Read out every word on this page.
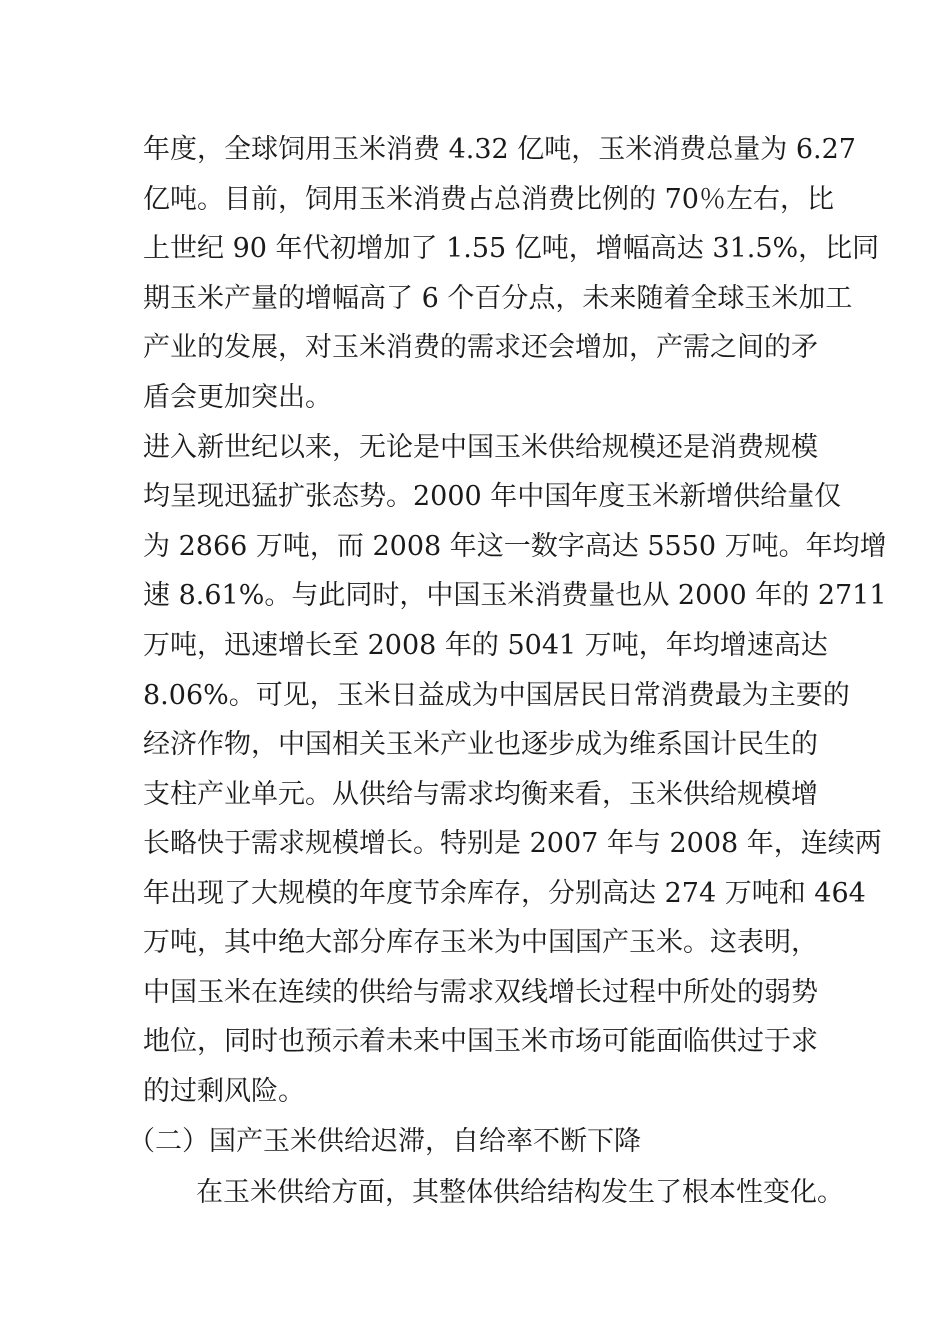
年度，全球饲用玉米消费 4.32 亿吨，玉米消费总量为 6.27
亿吨。目前，饲用玉米消费占总消费比例的 70％左右，比
上世纪 90 年代初增加了 1.55 亿吨，增幅高达 31.5%，比同
期玉米产量的增幅高了 6 个百分点，未来随着全球玉米加工
产业的发展，对玉米消费的需求还会增加，产需之间的矛
盾会更加突出。
进入新世纪以来，无论是中国玉米供给规模还是消费规模
均呈现迅猛扩张态势。2000 年中国年度玉米新增供给量仅
为 2866 万吨，而 2008 年这一数字高达 5550 万吨。年均增
速 8.61%。与此同时，中国玉米消费量也从 2000 年的 2711
万吨，迅速增长至 2008 年的 5041 万吨，年均增速高达
8.06%。可见，玉米日益成为中国居民日常消费最为主要的
经济作物，中国相关玉米产业也逐步成为维系国计民生的
支柱产业单元。从供给与需求均衡来看，玉米供给规模增
长略快于需求规模增长。特别是 2007 年与 2008 年，连续两
年出现了大规模的年度节余库存，分别高达 274 万吨和 464
万吨，其中绝大部分库存玉米为中国国产玉米。这表明，
中国玉米在连续的供给与需求双线增长过程中所处的弱势
地位，同时也预示着未来中国玉米市场可能面临供过于求
的过剩风险。
（二）国产玉米供给迟滞，自给率不断下降
在玉米供给方面，其整体供给结构发生了根本性变化。
